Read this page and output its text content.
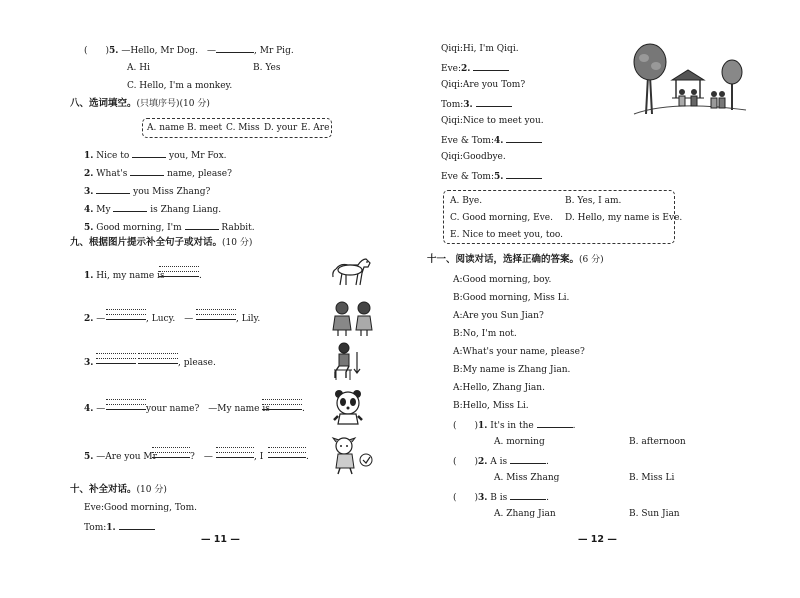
(　　)5. —Hello, Mr Dog.　—	, Mr Pig.
A. Hi	B. Yes
C. Hello, I'm a monkey.
八、选词填空。(只填序号)(10 分)
A. name B. meet C. Miss D. your E. Are
1. Nice to	you, Mr Fox.
2. What's	name, please?
3.	you Miss Zhang?
4. My	is Zhang Liang.
5. Good morning, I'm	Rabbit.
九、根据图片提示补全句子或对话。(10 分)
1. Hi, my name is	.
2. —	, Lucy.　—	, Lily.
3.	, please.
4. —	your name?　—My name is	.
5. —Are you Mr	?　—	, I	.
十、补全对话。(10 分)
Eve:Good morning, Tom.
Tom:1.
— 11 —
Qiqi:Hi, I'm Qiqi.
Eve:2.
Qiqi:Are you Tom?
Tom:3.
Qiqi:Nice to meet you.
Eve & Tom:4.
Qiqi:Goodbye.
Eve & Tom:5.
A. Bye.	B. Yes, I am.
C. Good morning, Eve. D. Hello, my name is Eve.
E. Nice to meet you, too.
十一、阅读对话，选择正确的答案。(6 分)
A:Good morning, boy.
B:Good morning, Miss Li.
A:Are you Sun Jian?
B:No, I'm not.
A:What's your name, please?
B:My name is Zhang Jian.
A:Hello, Zhang Jian.
B:Hello, Miss Li.
(　　)1. It's in the	.
A. morning	B. afternoon
(　　)2. A is	.
A. Miss Zhang	B. Miss Li
(　　)3. B is	.
A. Zhang Jian	B. Sun Jian
— 12 —
